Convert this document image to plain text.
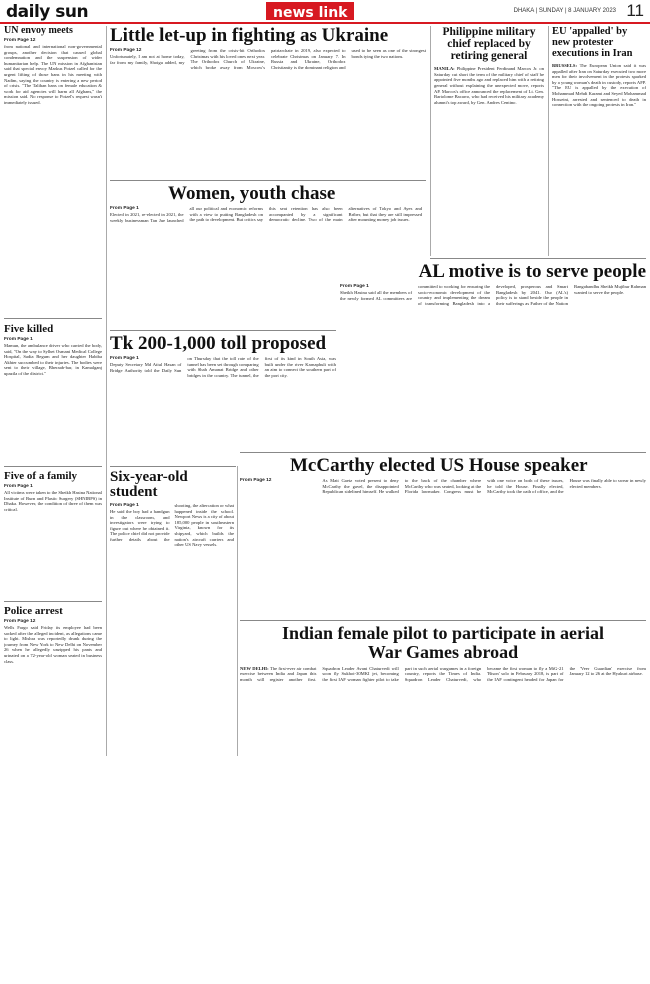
daily sun	news link	DHAKA | SUNDAY | 8 JANUARY 2023 11
UN envoy meets
From Page 12
from national and international non-governmental groups, another decision that caused global condemnation and the suspension of wider humanitarian help. The UN mission in Afghanistan said that special envoy Markus Potzel called for the urgent lifting of those bans in his meeting with Nadim, saying the country is entering a new period of crisis. "The Taliban bans on female education & work for aid agencies will harm all Afghans," the mission said. No response to Potzel's request wasn't immediately issued.
Five killed
From Page 1
Mamun, the ambulance driver who carried the body, said, "On the way to Sylhet Osmani Medical College Hospital, Sadia Begum and her daughter Habiba Akhter succumbed to their injuries. The bodies were sent to their village, Bheraab-bar, in Kamalganj upazila of the district."
Five of a family
From Page 1
All victims were taken to the Sheikh Hasina National Institute of Burn and Plastic Surgery (SHNIBPS) in Dhaka. However, the condition of three of them was critical.
Police arrest
From Page 12
Wells Fargo said Friday its employee had been sacked after the alleged incident, as allegations came to light. Mishra was reportedly drunk during the journey from New York to New Delhi on November 26 when he allegedly unzipped his pants and urinated on a 72-year-old woman seated in business class.
Little let-up in fighting as Ukraine
From Page 12
Unfortunately, I am not at home today, far from my family, Shoigu added, my greeting from the crisis-hit Orthodox Christmas with his loved ones next year. The Orthodox Church of Ukraine, which broke away from Moscow's patriarchate in 2019, also expected to celebrate Christmas on January 7. In Russia and Ukraine, Orthodox Christianity is the dominant religion and used to be seen as one of the strongest bonds tying the two nations.
Philippine military chief replaced by retiring general
MANILA: Philippine President Ferdinand Marcos Jr. on Saturday cut short the term of the military chief of staff he appointed five months ago and replaced him with a retiring general without explaining the unexpected move, reports AP. Marcos's office announced the replacement of Lt. Gen. Bartolome Bacarro, who had received his military academy alumni's top award, by Gen. Andres Centino.
EU 'appalled' by new protester executions in Iran
BRUSSELS: The European Union said it was appalled after Iran on Saturday executed two more men for their involvement in the protests sparked by a young woman's death in custody, reports AFP. "The EU is appalled by the execution of Mohammad Mehdi Karami and Seyed Mohammad Hosseini, arrested and sentenced to death in connection with the ongoing protests in Iran."
Women, youth chase
From Page 1
Elected in 2021, re-elected in 2021, the weekly businessman Tan Jue launched all our political and economic reforms with a view to putting Bangladesh on the path to development. But critics say this seat retention has also been accompanied by a significant democratic decline. Two of the main alternatives of Tokyo and Ayes and Briber, but that they are still impressed after mounting money job issues.
AL motive is to serve people
From Page 1
Sheikh Hasina said all the members of the newly formed AL committees are committed to working for ensuring the socio-economic development of the country and implementing the dream of transforming Bangladesh into a developed, prosperous and Smart Bangladesh by 2041. Our (AL's) policy is to stand beside the people in their sufferings as Father of the Nation Bangabandhu Sheikh Mujibur Rahman wanted to serve the people.
Tk 200-1,000 toll proposed
From Page 1
Deputy Secretary Md Atiul Hasan of Bridge Authority told the Daily Sun on Thursday that the toll rate of the tunnel has been set through comparing with Shah Amanat Bridge and other bridges in the country. The tunnel, the first of its kind in South Asia, was built under the river Karnaphuli with an aim to connect the southern part of the port city.
McCarthy elected US House speaker
From Page 12	As Matt Gaetz voted present to deny McCarthy the gavel, the disappointed Republican sidelined himself. He walked to the back of the chamber where McCarthy who was seated, looking at the Florida lawmaker. Congress must be with one voice on both of these issues, he told the House. Finally elected, McCarthy took the oath of office, and the House was finally able to swear in newly elected members.
Six-year-old student
From Page 1
He said the boy had a handgun in the classroom, and investigators were trying to figure out where he obtained it. The police chief did not provide further details about the shooting, the altercation or what happened inside the school. Newport News is a city of about 185,000 people in southeastern Virginia, known for its shipyard, which builds the nation's aircraft carriers and other US Navy vessels.
Indian female pilot to participate in aerial War Games abroad
NEW DELHI: The first-ever air combat exercise between India and Japan this month will register another first. Squadron Leader Avani Chaturvedi will soon fly Sukhoi-30MKI jet, becoming the first IAF woman fighter pilot to take part in such aerial wargames in a foreign country, reports the Times of India. Squadron Leader Chaturvedi, who became the first woman to fly a MiG-21 'Bison' solo in February 2018, is part of the IAF contingent headed for Japan for the 'Veer Guardian' exercise from January 12 to 26 at the Hyakuri airbase.
